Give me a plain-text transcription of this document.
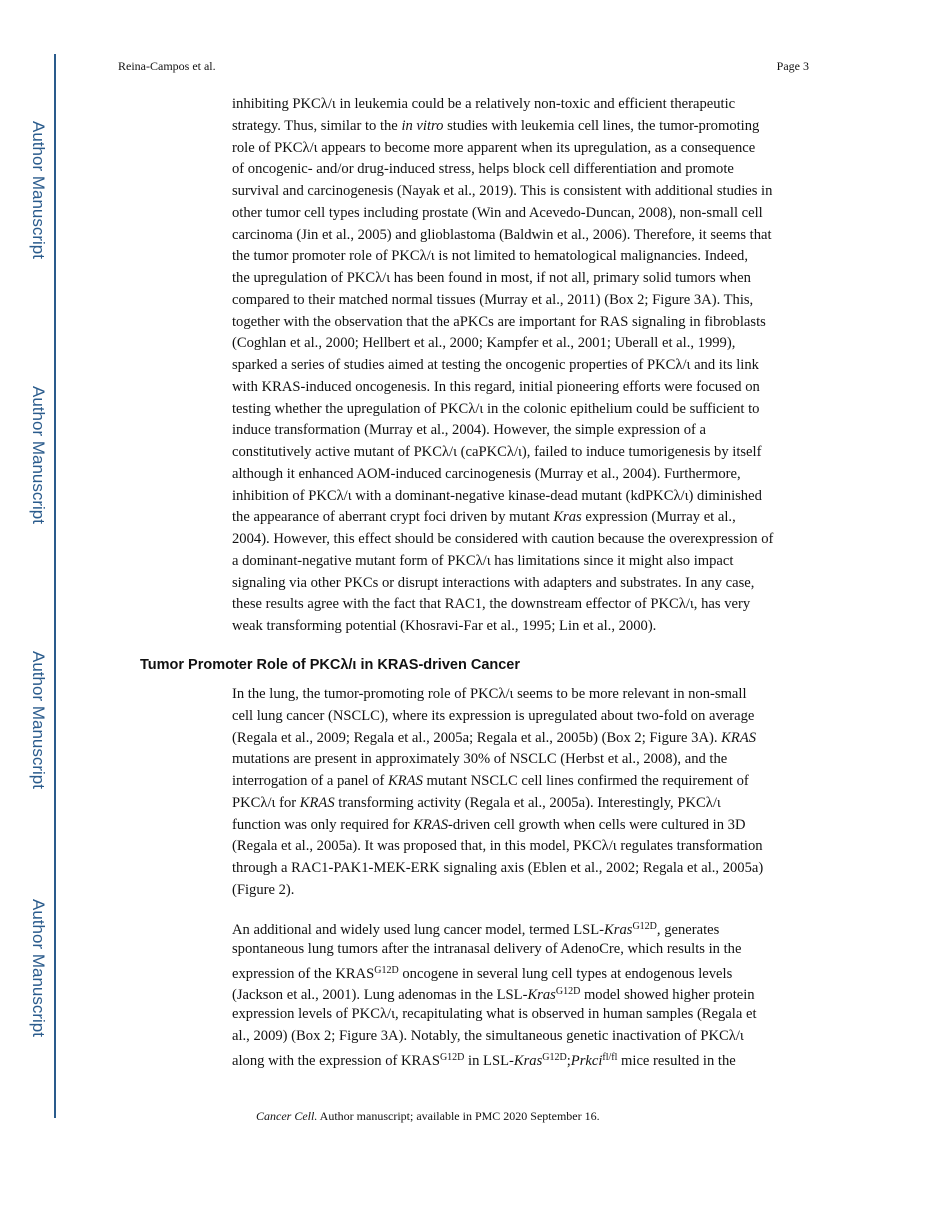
Author Manuscript
Author Manuscript
Author Manuscript
Author Manuscript
Reina-Campos et al.	Page 3
inhibiting PKCλ/ι in leukemia could be a relatively non-toxic and efficient therapeutic
strategy. Thus, similar to the in vitro studies with leukemia cell lines, the tumor-promoting
role of PKCλ/ι appears to become more apparent when its upregulation, as a consequence
of oncogenic- and/or drug-induced stress, helps block cell differentiation and promote
survival and carcinogenesis (Nayak et al., 2019). This is consistent with additional studies in
other tumor cell types including prostate (Win and Acevedo-Duncan, 2008), non-small cell
carcinoma (Jin et al., 2005) and glioblastoma (Baldwin et al., 2006). Therefore, it seems that
the tumor promoter role of PKCλ/ι is not limited to hematological malignancies. Indeed,
the upregulation of PKCλ/ι has been found in most, if not all, primary solid tumors when
compared to their matched normal tissues (Murray et al., 2011) (Box 2; Figure 3A). This,
together with the observation that the aPKCs are important for RAS signaling in fibroblasts
(Coghlan et al., 2000; Hellbert et al., 2000; Kampfer et al., 2001; Uberall et al., 1999),
sparked a series of studies aimed at testing the oncogenic properties of PKCλ/ι and its link
with KRAS-induced oncogenesis. In this regard, initial pioneering efforts were focused on
testing whether the upregulation of PKCλ/ι in the colonic epithelium could be sufficient to
induce transformation (Murray et al., 2004). However, the simple expression of a
constitutively active mutant of PKCλ/ι (caPKCλ/ι), failed to induce tumorigenesis by itself
although it enhanced AOM-induced carcinogenesis (Murray et al., 2004). Furthermore,
inhibition of PKCλ/ι with a dominant-negative kinase-dead mutant (kdPKCλ/ι) diminished
the appearance of aberrant crypt foci driven by mutant Kras expression (Murray et al.,
2004). However, this effect should be considered with caution because the overexpression of
a dominant-negative mutant form of PKCλ/ι has limitations since it might also impact
signaling via other PKCs or disrupt interactions with adapters and substrates. In any case,
these results agree with the fact that RAC1, the downstream effector of PKCλ/ι, has very
weak transforming potential (Khosravi-Far et al., 1995; Lin et al., 2000).
In the lung, the tumor-promoting role of PKCλ/ι seems to be more relevant in non-small
cell lung cancer (NSCLC), where its expression is upregulated about two-fold on average
(Regala et al., 2009; Regala et al., 2005a; Regala et al., 2005b) (Box 2; Figure 3A). KRAS
mutations are present in approximately 30% of NSCLC (Herbst et al., 2008), and the
interrogation of a panel of KRAS mutant NSCLC cell lines confirmed the requirement of
PKCλ/ι for KRAS transforming activity (Regala et al., 2005a). Interestingly, PKCλ/ι
function was only required for KRAS-driven cell growth when cells were cultured in 3D
(Regala et al., 2005a). It was proposed that, in this model, PKCλ/ι regulates transformation
through a RAC1-PAK1-MEK-ERK signaling axis (Eblen et al., 2002; Regala et al., 2005a)
(Figure 2).
An additional and widely used lung cancer model, termed LSL-Kras$^{G12D}$, generates
spontaneous lung tumors after the intranasal delivery of AdenoCre, which results in the
expression of the $KRAS^{G12D}$ oncogene in several lung cell types at endogenous levels
(Jackson et al., 2001). Lung adenomas in the LSL-Kras$^{G12D}$ model showed higher protein
expression levels of PKCλ/ι, recapitulating what is observed in human samples (Regala et
al., 2009) (Box 2; Figure 3A). Notably, the simultaneous genetic inactivation of PKCλ/ι
along with the expression of $KRAS^{G12D}$ in LSL-Kras$^{G12D}$;Prkci$^{fl/fl}$ mice resulted in the
Tumor Promoter Role of PKCλ/ι in KRAS-driven Cancer
Cancer Cell. Author manuscript; available in PMC 2020 September 16.
